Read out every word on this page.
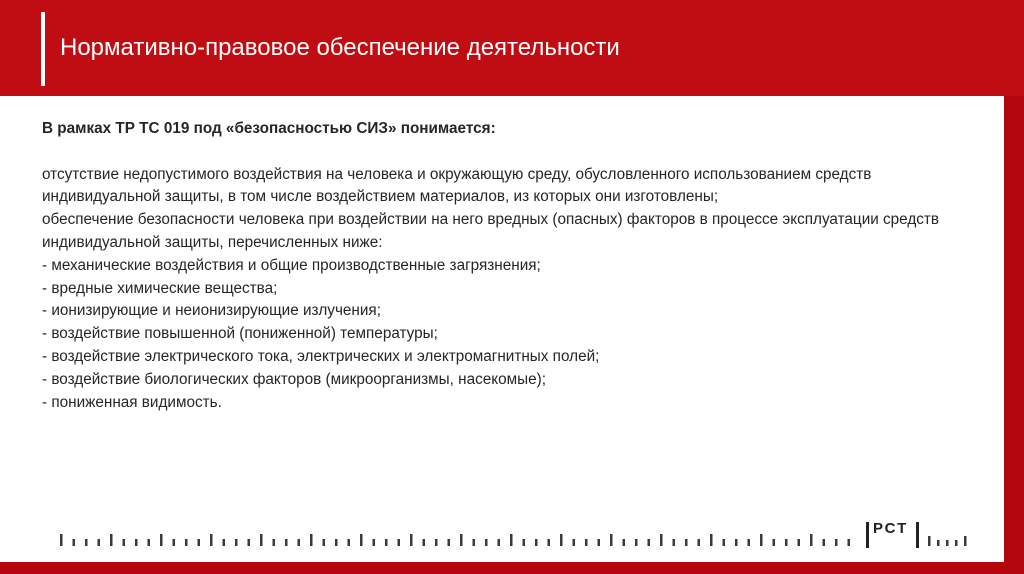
Нормативно-правовое обеспечение деятельности

В рамках ТР ТС 019 под «безопасностью СИЗ» понимается:

отсутствие недопустимого воздействия на человека и окружающую среду, обусловленного использованием средств индивидуальной защиты, в том числе воздействием материалов, из которых они изготовлены;

обеспечение безопасности человека при воздействии на него вредных (опасных) факторов в процессе эксплуатации средств индивидуальной защиты, перечисленных ниже:

- механические воздействия и общие производственные загрязнения;

- вредные химические вещества;

- ионизирующие и неионизирующие излучения;

- воздействие повышенной (пониженной) температуры;

- воздействие электрического тока, электрических и электромагнитных полей;

- воздействие биологических факторов (микроорганизмы, насекомые);

- пониженная видимость.

РСТ
